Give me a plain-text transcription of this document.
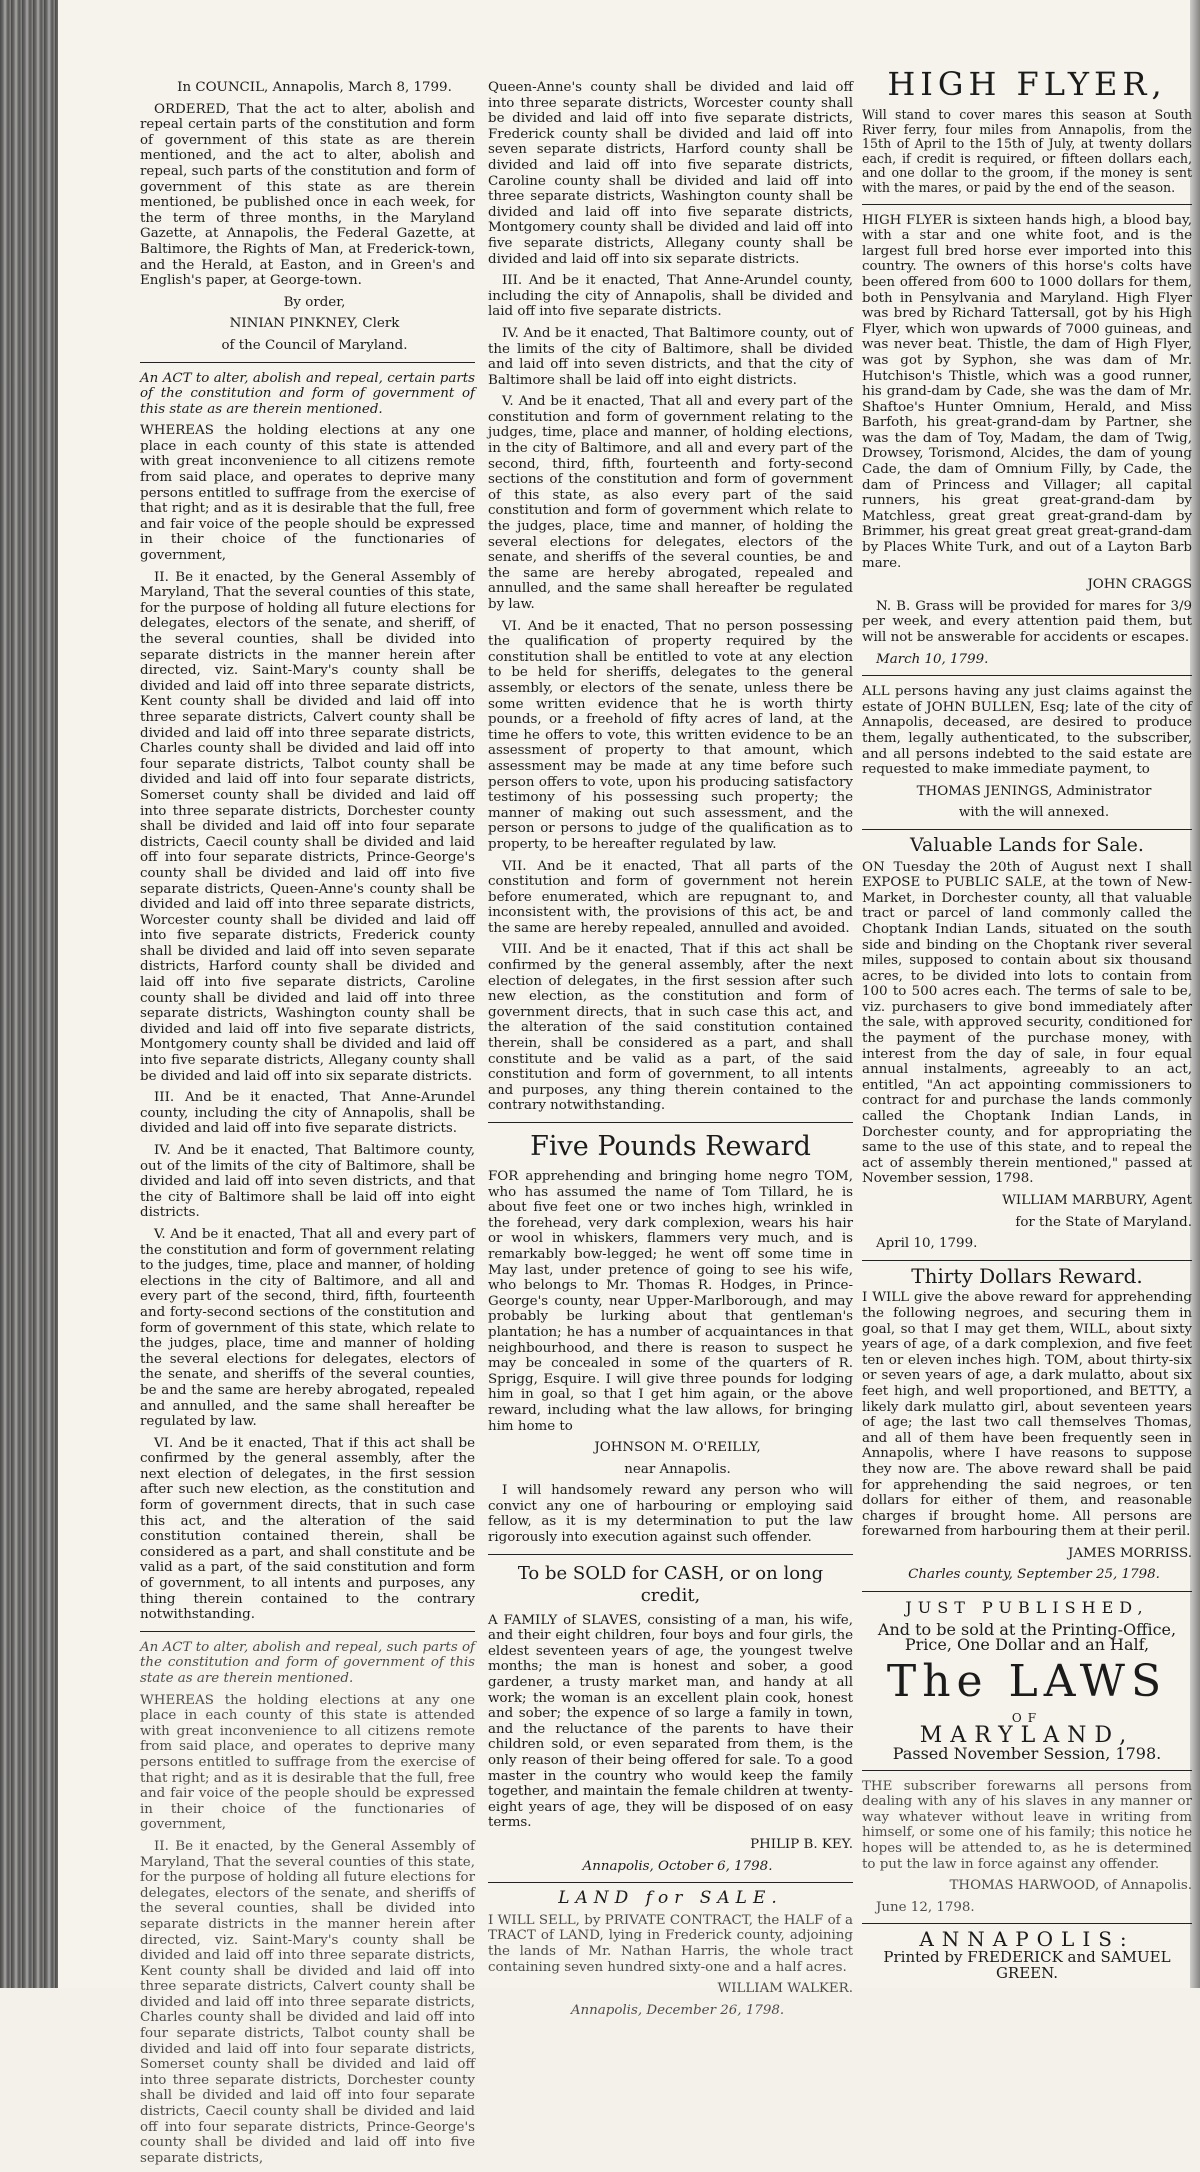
In COUNCIL, Annapolis, March 8, 1799.

ORDERED, That the act to alter, abolish and repeal certain parts of the constitution and form of government of this state as are therein mentioned, and the act to alter, abolish and repeal, such parts of the constitution and form of government of this state as are therein mentioned, be published once in each week, for the term of three months, in the Maryland Gazette, at Annapolis, the Federal Gazette, at Baltimore, the Rights of Man, at Frederick-town, and the Herald, at Easton, and in Green's and English's paper, at George-town.

By order,

NINIAN PINKNEY, Clerk

of the Council of Maryland.

An ACT to alter, abolish and repeal, certain parts of the constitution and form of government of this state as are therein mentioned.

WHEREAS the holding elections at any one place in each county of this state is attended with great inconvenience to all citizens remote from said place, and operates to deprive many persons entitled to suffrage from the exercise of that right; and as it is desirable that the full, free and fair voice of the people should be expressed in their choice of the functionaries of government,

II. Be it enacted, by the General Assembly of Maryland, That the several counties of this state, for the purpose of holding all future elections for delegates, electors of the senate, and sheriff, of the several counties, shall be divided into separate districts in the manner herein after directed, viz. Saint-Mary's county shall be divided and laid off into three separate districts, Kent county shall be divided and laid off into three separate districts, Calvert county shall be divided and laid off into three separate districts, Charles county shall be divided and laid off into four separate districts, Talbot county shall be divided and laid off into four separate districts, Somerset county shall be divided and laid off into three separate districts, Dorchester county shall be divided and laid off into four separate districts, Caecil county shall be divided and laid off into four separate districts, Prince-George's county shall be divided and laid off into five separate districts, Queen-Anne's county shall be divided and laid off into three separate districts, Worcester county shall be divided and laid off into five separate districts, Frederick county shall be divided and laid off into seven separate districts, Harford county shall be divided and laid off into five separate districts, Caroline county shall be divided and laid off into three separate districts, Washington county shall be divided and laid off into five separate districts, Montgomery county shall be divided and laid off into five separate districts, Allegany county shall be divided and laid off into six separate districts.

III. And be it enacted, That Anne-Arundel county, including the city of Annapolis, shall be divided and laid off into five separate districts.

IV. And be it enacted, That Baltimore county, out of the limits of the city of Baltimore, shall be divided and laid off into seven districts, and that the city of Baltimore shall be laid off into eight districts.

V. And be it enacted, That all and every part of the constitution and form of government relating to the judges, time, place and manner, of holding elections in the city of Baltimore, and all and every part of the second, third, fifth, fourteenth and forty-second sections of the constitution and form of government of this state, which relate to the judges, place, time and manner of holding the several elections for delegates, electors of the senate, and sheriffs of the several counties, be and the same are hereby abrogated, repealed and annulled, and the same shall hereafter be regulated by law.

VI. And be it enacted, That if this act shall be confirmed by the general assembly, after the next election of delegates, in the first session after such new election, as the constitution and form of government directs, that in such case this act, and the alteration of the said constitution contained therein, shall be considered as a part, and shall constitute and be valid as a part, of the said constitution and form of government, to all intents and purposes, any thing therein contained to the contrary notwithstanding.

An ACT to alter, abolish and repeal, such parts of the constitution and form of government of this state as are therein mentioned.

WHEREAS the holding elections at any one place in each county of this state is attended with great inconvenience to all citizens remote from said place, and operates to deprive many persons entitled to suffrage from the exercise of that right; and as it is desirable that the full, free and fair voice of the people should be expressed in their choice of the functionaries of government,

II. Be it enacted, by the General Assembly of Maryland, That the several counties of this state, for the purpose of holding all future elections for delegates, electors of the senate, and sheriffs of the several counties, shall be divided into separate districts in the manner herein after directed, viz. Saint-Mary's county shall be divided and laid off into three separate districts, Kent county shall be divided and laid off into three separate districts, Calvert county shall be divided and laid off into three separate districts, Charles county shall be divided and laid off into four separate districts, Talbot county shall be divided and laid off into four separate districts, Somerset county shall be divided and laid off into three separate districts, Dorchester county shall be divided and laid off into four separate districts, Caecil county shall be divided and laid off into four separate districts, Prince-George's county shall be divided and laid off into five separate districts,

Queen-Anne's county shall be divided and laid off into three separate districts, Worcester county shall be divided and laid off into five separate districts, Frederick county shall be divided and laid off into seven separate districts, Harford county shall be divided and laid off into five separate districts, Caroline county shall be divided and laid off into three separate districts, Washington county shall be divided and laid off into five separate districts, Montgomery county shall be divided and laid off into five separate districts, Allegany county shall be divided and laid off into six separate districts.

III. And be it enacted, That Anne-Arundel county, including the city of Annapolis, shall be divided and laid off into five separate districts.

IV. And be it enacted, That Baltimore county, out of the limits of the city of Baltimore, shall be divided and laid off into seven districts, and that the city of Baltimore shall be laid off into eight districts.

V. And be it enacted, That all and every part of the constitution and form of government relating to the judges, time, place and manner, of holding elections, in the city of Baltimore, and all and every part of the second, third, fifth, fourteenth and forty-second sections of the constitution and form of government of this state, as also every part of the said constitution and form of government which relate to the judges, place, time and manner, of holding the several elections for delegates, electors of the senate, and sheriffs of the several counties, be and the same are hereby abrogated, repealed and annulled, and the same shall hereafter be regulated by law.

VI. And be it enacted, That no person possessing the qualification of property required by the constitution shall be entitled to vote at any election to be held for sheriffs, delegates to the general assembly, or electors of the senate, unless there be some written evidence that he is worth thirty pounds, or a freehold of fifty acres of land, at the time he offers to vote, this written evidence to be an assessment of property to that amount, which assessment may be made at any time before such person offers to vote, upon his producing satisfactory testimony of his possessing such property; the manner of making out such assessment, and the person or persons to judge of the qualification as to property, to be hereafter regulated by law.

VII. And be it enacted, That all parts of the constitution and form of government not herein before enumerated, which are repugnant to, and inconsistent with, the provisions of this act, be and the same are hereby repealed, annulled and avoided.

VIII. And be it enacted, That if this act shall be confirmed by the general assembly, after the next election of delegates, in the first session after such new election, as the constitution and form of government directs, that in such case this act, and the alteration of the said constitution contained therein, shall be considered as a part, and shall constitute and be valid as a part, of the said constitution and form of government, to all intents and purposes, any thing therein contained to the contrary notwithstanding.

Five Pounds Reward

FOR apprehending and bringing home negro TOM, who has assumed the name of Tom Tillard, he is about five feet one or two inches high, wrinkled in the forehead, very dark complexion, wears his hair or wool in whiskers, flammers very much, and is remarkably bow-legged; he went off some time in May last, under pretence of going to see his wife, who belongs to Mr. Thomas R. Hodges, in Prince-George's county, near Upper-Marlborough, and may probably be lurking about that gentleman's plantation; he has a number of acquaintances in that neighbourhood, and there is reason to suspect he may be concealed in some of the quarters of R. Sprigg, Esquire. I will give three pounds for lodging him in goal, so that I get him again, or the above reward, including what the law allows, for bringing him home to

JOHNSON M. O'REILLY,

near Annapolis.

I will handsomely reward any person who will convict any one of harbouring or employing said fellow, as it is my determination to put the law rigorously into execution against such offender.

To be SOLD for CASH, or on long credit,

A FAMILY of SLAVES, consisting of a man, his wife, and their eight children, four boys and four girls, the eldest seventeen years of age, the youngest twelve months; the man is honest and sober, a good gardener, a trusty market man, and handy at all work; the woman is an excellent plain cook, honest and sober; the expence of so large a family in town, and the reluctance of the parents to have their children sold, or even separated from them, is the only reason of their being offered for sale. To a good master in the country who would keep the family together, and maintain the female children at twenty-eight years of age, they will be disposed of on easy terms.

PHILIP B. KEY.

Annapolis, October 6, 1798.

LAND for SALE.

I WILL SELL, by PRIVATE CONTRACT, the HALF of a TRACT of LAND, lying in Frederick county, adjoining the lands of Mr. Nathan Harris, the whole tract containing seven hundred sixty-one and a half acres.

WILLIAM WALKER.

Annapolis, December 26, 1798.

HIGH FLYER,

Will stand to cover mares this season at South River ferry, four miles from Annapolis, from the 15th of April to the 15th of July, at twenty dollars each, if credit is required, or fifteen dollars each, and one dollar to the groom, if the money is sent with the mares, or paid by the end of the season.

HIGH FLYER is sixteen hands high, a blood bay, with a star and one white foot, and is the largest full bred horse ever imported into this country. The owners of this horse's colts have been offered from 600 to 1000 dollars for them, both in Pensylvania and Maryland. High Flyer was bred by Richard Tattersall, got by his High Flyer, which won upwards of 7000 guineas, and was never beat. Thistle, the dam of High Flyer, was got by Syphon, she was dam of Mr. Hutchison's Thistle, which was a good runner, his grand-dam by Cade, she was the dam of Mr. Shaftoe's Hunter Omnium, Herald, and Miss Barfoth, his great-grand-dam by Partner, she was the dam of Toy, Madam, the dam of Twig, Drowsey, Torismond, Alcides, the dam of young Cade, the dam of Omnium Filly, by Cade, the dam of Princess and Villager; all capital runners, his great great-grand-dam by Matchless, great great great-grand-dam by Brimmer, his great great great great-grand-dam by Places White Turk, and out of a Layton Barb mare.

JOHN CRAGGS

N. B. Grass will be provided for mares for 3/9 per week, and every attention paid them, but will not be answerable for accidents or escapes.

March 10, 1799.

ALL persons having any just claims against the estate of JOHN BULLEN, Esq; late of the city of Annapolis, deceased, are desired to produce them, legally authenticated, to the subscriber, and all persons indebted to the said estate are requested to make immediate payment, to

THOMAS JENINGS, Administrator

with the will annexed.

Valuable Lands for Sale.

ON Tuesday the 20th of August next I shall EXPOSE to PUBLIC SALE, at the town of New-Market, in Dorchester county, all that valuable tract or parcel of land commonly called the Choptank Indian Lands, situated on the south side and binding on the Choptank river several miles, supposed to contain about six thousand acres, to be divided into lots to contain from 100 to 500 acres each. The terms of sale to be, viz. purchasers to give bond immediately after the sale, with approved security, conditioned for the payment of the purchase money, with interest from the day of sale, in four equal annual instalments, agreeably to an act, entitled, "An act appointing commissioners to contract for and purchase the lands commonly called the Choptank Indian Lands, in Dorchester county, and for appropriating the same to the use of this state, and to repeal the act of assembly therein mentioned," passed at November session, 1798.

WILLIAM MARBURY, Agent

for the State of Maryland.

April 10, 1799.

Thirty Dollars Reward.

I WILL give the above reward for apprehending the following negroes, and securing them in goal, so that I may get them, WILL, about sixty years of age, of a dark complexion, and five feet ten or eleven inches high. TOM, about thirty-six or seven years of age, a dark mulatto, about six feet high, and well proportioned, and BETTY, a likely dark mulatto girl, about seventeen years of age; the last two call themselves Thomas, and all of them have been frequently seen in Annapolis, where I have reasons to suppose they now are. The above reward shall be paid for apprehending the said negroes, or ten dollars for either of them, and reasonable charges if brought home. All persons are forewarned from harbouring them at their peril.

JAMES MORRISS.

Charles county, September 25, 1798.

JUST PUBLISHED,
And to be sold at the Printing-Office,
Price, One Dollar and an Half,
The LAWS
OF
MARYLAND,
Passed November Session, 1798.

THE subscriber forewarns all persons from dealing with any of his slaves in any manner or way whatever without leave in writing from himself, or some one of his family; this notice he hopes will be attended to, as he is determined to put the law in force against any offender.

THOMAS HARWOOD, of Annapolis.

June 12, 1798.

ANNAPOLIS:
Printed by FREDERICK and SAMUEL GREEN.
